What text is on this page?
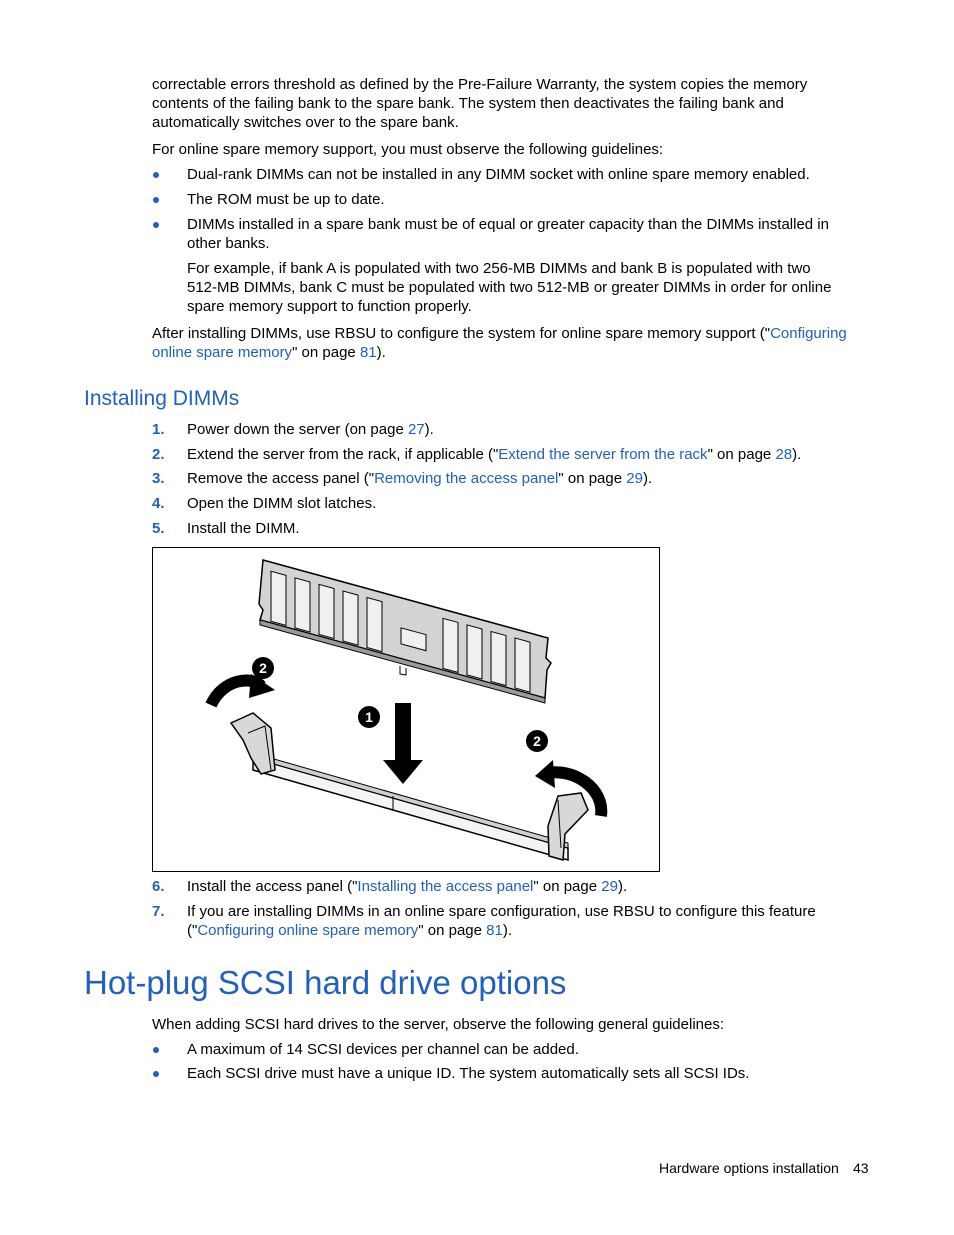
correctable errors threshold as defined by the Pre-Failure Warranty, the system copies the memory
contents of the failing bank to the spare bank. The system then deactivates the failing bank and
automatically switches over to the spare bank.
For online spare memory support, you must observe the following guidelines:
Dual-rank DIMMs can not be installed in any DIMM socket with online spare memory enabled.
The ROM must be up to date.
DIMMs installed in a spare bank must be of equal or greater capacity than the DIMMs installed in
other banks.
For example, if bank A is populated with two 256-MB DIMMs and bank B is populated with two
512-MB DIMMs, bank C must be populated with two 512-MB or greater DIMMs in order for online
spare memory support to function properly.
After installing DIMMs, use RBSU to configure the system for online spare memory support ("Configuring
online spare memory" on page 81).
Installing DIMMs
1. Power down the server (on page 27).
2. Extend the server from the rack, if applicable ("Extend the server from the rack" on page 28).
3. Remove the access panel ("Removing the access panel" on page 29).
4. Open the DIMM slot latches.
5. Install the DIMM.
1
2
2
6. Install the access panel ("Installing the access panel" on page 29).
7. If you are installing DIMMs in an online spare configuration, use RBSU to configure this feature
("Configuring online spare memory" on page 81).
Hot-plug SCSI hard drive options
When adding SCSI hard drives to the server, observe the following general guidelines:
A maximum of 14 SCSI devices per channel can be added.
Each SCSI drive must have a unique ID. The system automatically sets all SCSI IDs.
Hardware options installation 43
